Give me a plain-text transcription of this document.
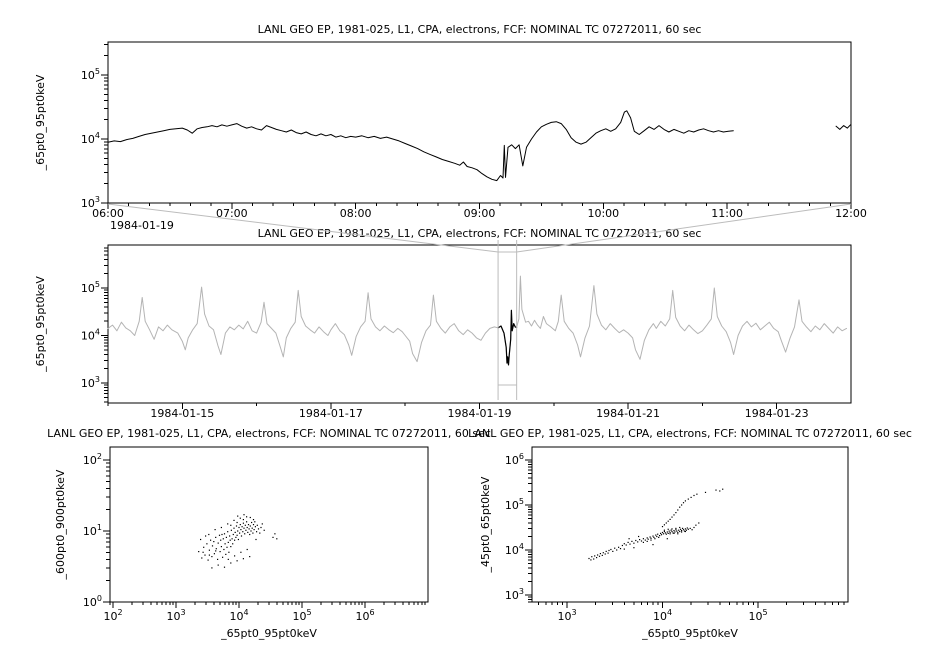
LANL GEO EP, 1981-025, L1, CPA, electrons, FCF: NOMINAL TC 07272011, 60 sec
$10^3$
$10^4$
$10^5$
_65pt0_95pt0keV
06:00	07:00	08:00	09:00	10:00	11:00	12:00
1984-01-19
LANL GEO EP, 1981-025, L1, CPA, electrons, FCF: NOMINAL TC 07272011, 60 sec
$10^3$
$10^4$
$10^5$
_65pt0_95pt0keV
1984-01-15	1984-01-17	1984-01-19	1984-01-21	1984-01-23
LANL GEO EP, 1981-025, L1, CPA, electrons, FCF: NOMINAL TC 07272011, 60 sec
$10^0$
$10^1$
$10^2$
_600pt0_900pt0keV
$10^2$	$10^3$	$10^4$	$10^5$	$10^6$
_65pt0_95pt0keV
LANL GEO EP, 1981-025, L1, CPA, electrons, FCF: NOMINAL TC 07272011, 60 sec
$10^3$
$10^4$
$10^5$
$10^6$
_45pt0_65pt0keV
$10^3$	$10^4$	$10^5$
_65pt0_95pt0keV
